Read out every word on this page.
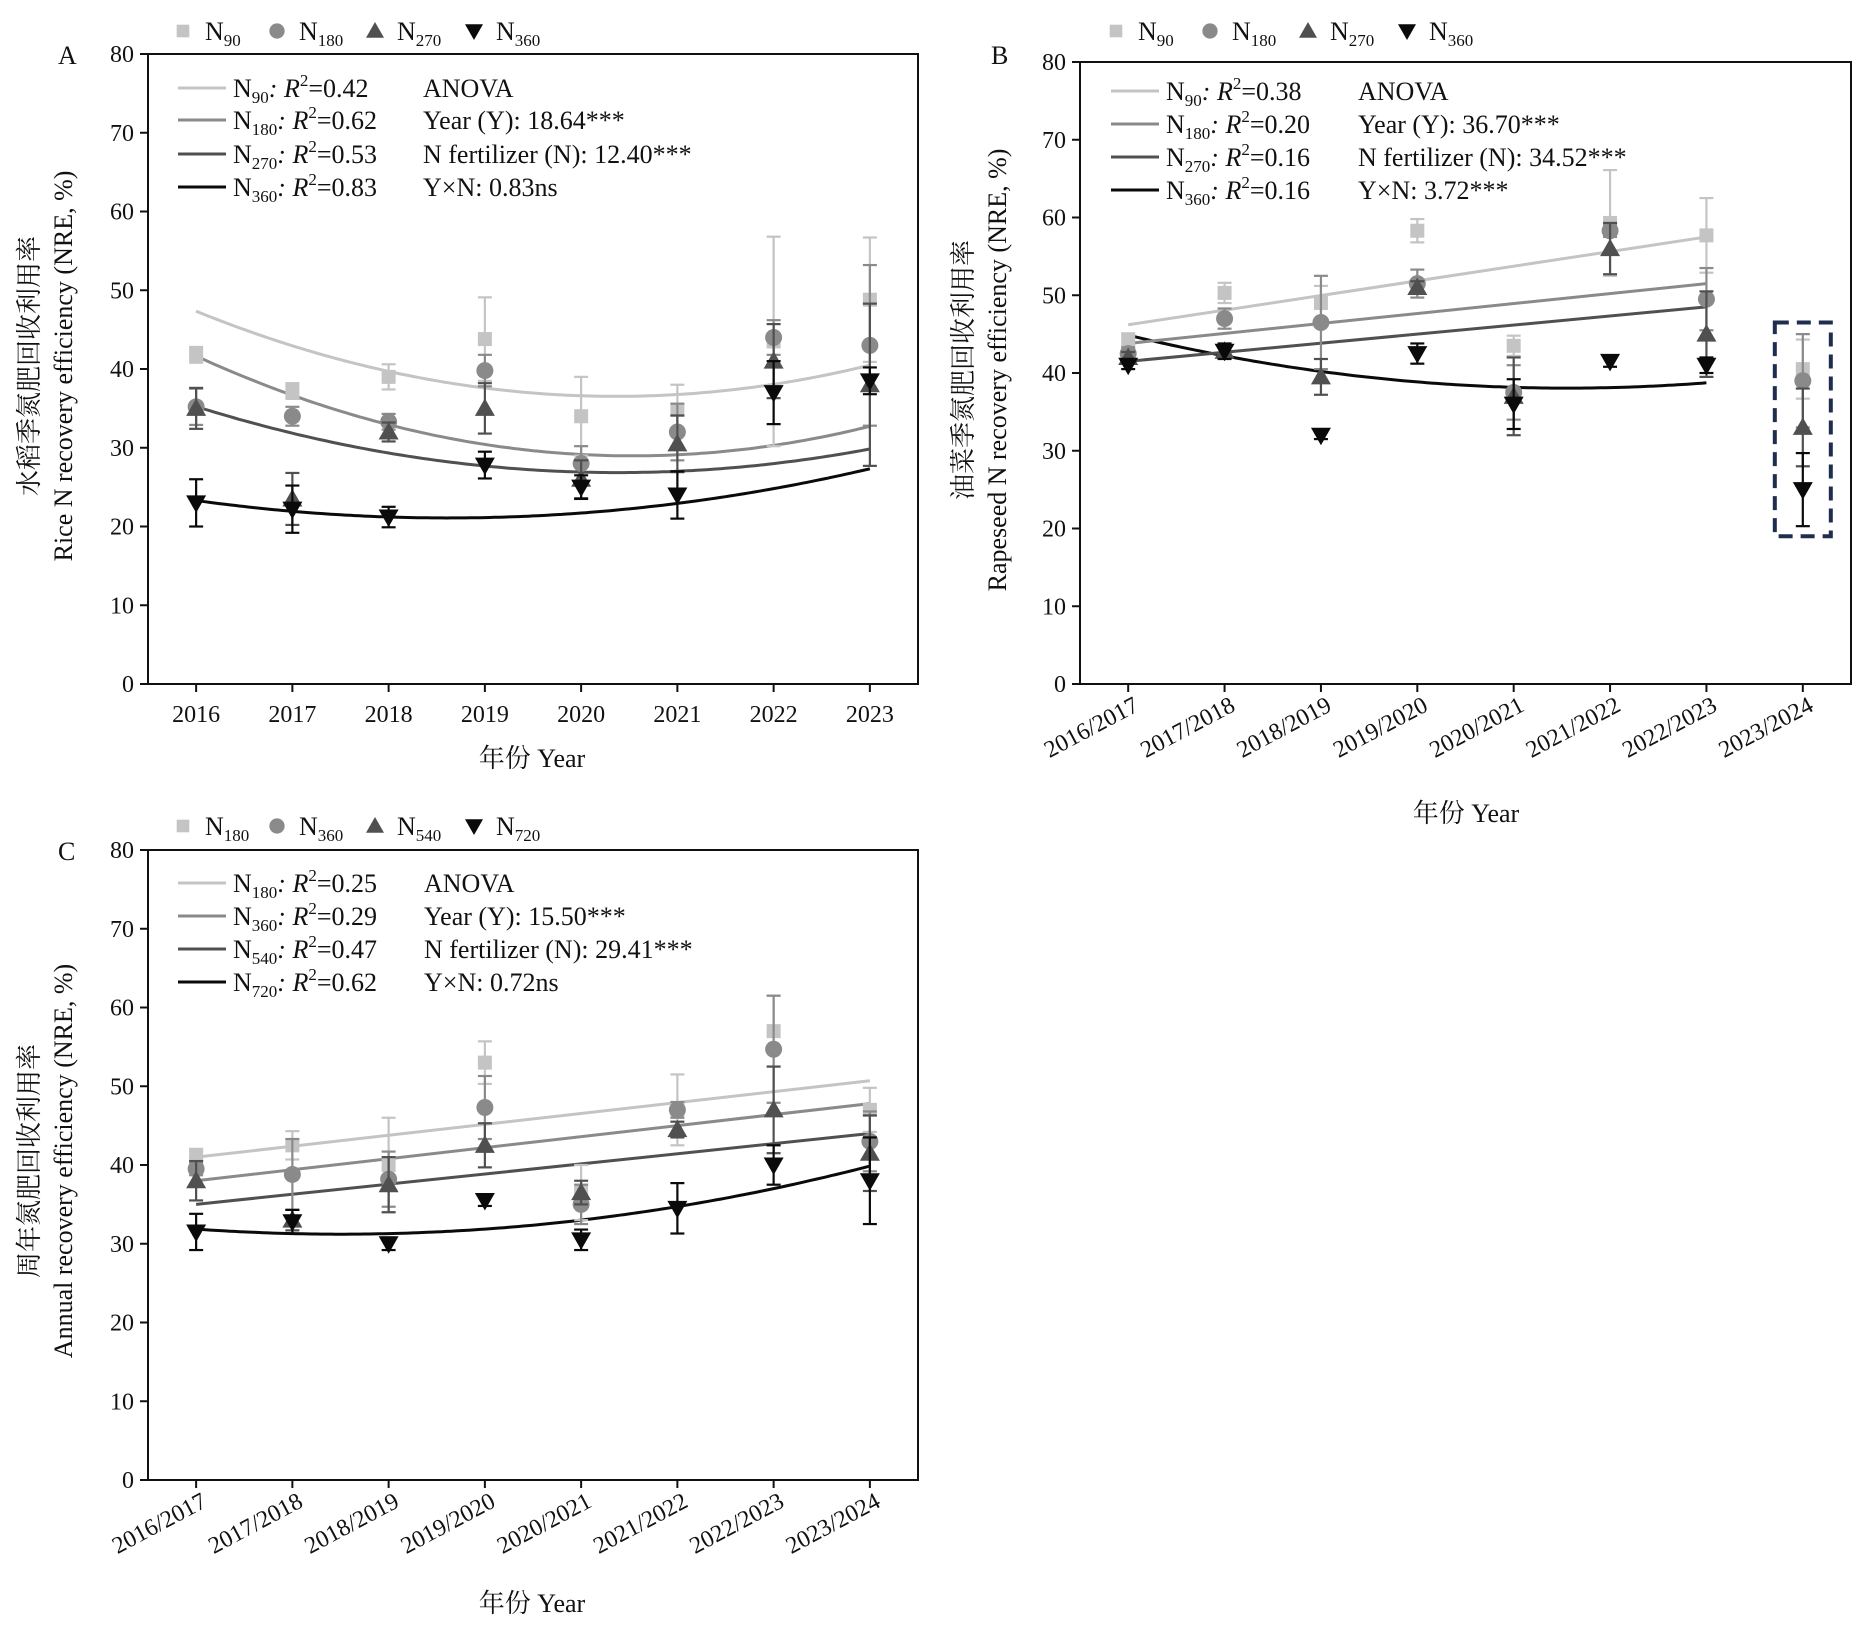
$N_{90}$ $N_{180}$ $N_{270}$ $N_{360}$
A
0
10
20
30
40
50
60
70
80
2016 2017 2018 2019 2020 2021 2022 2023
$N_{90}$: $R^2=0.42$ ANOVA
$N_{180}$: $R^2=0.62$ Year (Y): 18.64***
$N_{270}$: $R^2=0.53$ N fertilizer (N): 12.40***
$N_{360}$: $R^2=0.83$ Y×N: 0.83ns
水稻季氮肥回收利用率 Rice N recovery efficiency (NRE, %)
年份 Year
$N_{90}$ $N_{180}$ $N_{270}$ $N_{360}$
B
0
10
20
30
40
50
60
70
80
2016/2017
2017/2018
2018/2019
2019/2020
2020/2021
2021/2022
2022/2023
2023/2024
$N_{90}$: $R^2=0.38$ ANOVA
$N_{180}$: $R^2=0.20$ Year (Y): 36.70***
$N_{270}$: $R^2=0.16$ N fertilizer (N): 34.52***
$N_{360}$: $R^2=0.16$ Y×N: 3.72***
油菜季氮肥回收利用率 Rapeseed N recovery efficiency (NRE, %)
年份 Year
$N_{180}$ $N_{360}$ $N_{540}$ $N_{720}$
C
0
10
20
30
40
50
60
70
80
2016/2017
2017/2018
2018/2019
2019/2020
2020/2021
2021/2022
2022/2023
2023/2024
$N_{180}$: $R^2=0.25$ ANOVA
$N_{360}$: $R^2=0.29$ Year (Y): 15.50***
$N_{540}$: $R^2=0.47$ N fertilizer (N): 29.41***
$N_{720}$: $R^2=0.62$ Y×N: 0.72ns
周年氮肥回收利用率 Annual recovery efficiency (NRE, %)
年份 Year
